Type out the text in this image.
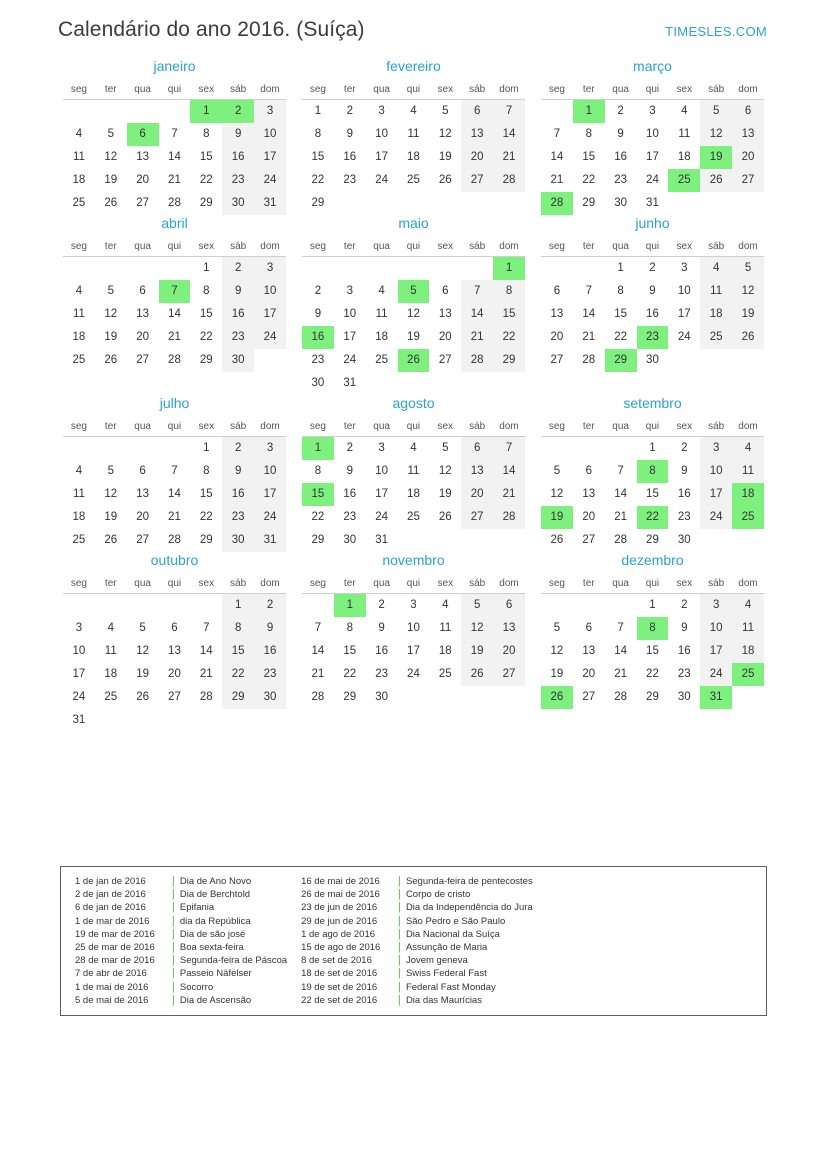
Calendário do ano 2016. (Suíça)	TIMESLES.COM
janeiro
seg	ter	qua	qui	sex	sáb	dom

				1	2	3

4	5	6	7	8	9	10

11	12	13	14	15	16	17

18	19	20	21	22	23	24

25	26	27	28	29	30	31
fevereiro
seg	ter	qua	qui	sex	sáb	dom

1	2	3	4	5	6	7

8	9	10	11	12	13	14

15	16	17	18	19	20	21

22	23	24	25	26	27	28

29						

março
seg	ter	qua	qui	sex	sáb	dom

	1	2	3	4	5	6

7	8	9	10	11	12	13

14	15	16	17	18	19	20

21	22	23	24	25	26	27

28	29	30	31			

abril
seg	ter	qua	qui	sex	sáb	dom

				1	2	3

4	5	6	7	8	9	10

11	12	13	14	15	16	17

18	19	20	21	22	23	24

25	26	27	28	29	30	

maio
seg	ter	qua	qui	sex	sáb	dom

						1

2	3	4	5	6	7	8

9	10	11	12	13	14	15

16	17	18	19	20	21	22

23	24	25	26	27	28	29

30	31					

junho
seg	ter	qua	qui	sex	sáb	dom

		1	2	3	4	5

6	7	8	9	10	11	12

13	14	15	16	17	18	19

20	21	22	23	24	25	26

27	28	29	30			

julho
seg	ter	qua	qui	sex	sáb	dom

				1	2	3

4	5	6	7	8	9	10

11	12	13	14	15	16	17

18	19	20	21	22	23	24

25	26	27	28	29	30	31
agosto
seg	ter	qua	qui	sex	sáb	dom

1	2	3	4	5	6	7

8	9	10	11	12	13	14

15	16	17	18	19	20	21

22	23	24	25	26	27	28

29	30	31				

setembro
seg	ter	qua	qui	sex	sáb	dom

			1	2	3	4

5	6	7	8	9	10	11

12	13	14	15	16	17	18

19	20	21	22	23	24	25

26	27	28	29	30		

outubro
seg	ter	qua	qui	sex	sáb	dom

					1	2

3	4	5	6	7	8	9

10	11	12	13	14	15	16

17	18	19	20	21	22	23

24	25	26	27	28	29	30

31						

novembro
seg	ter	qua	qui	sex	sáb	dom

	1	2	3	4	5	6

7	8	9	10	11	12	13

14	15	16	17	18	19	20

21	22	23	24	25	26	27

28	29	30				

dezembro
seg	ter	qua	qui	sex	sáb	dom

			1	2	3	4

5	6	7	8	9	10	11

12	13	14	15	16	17	18

19	20	21	22	23	24	25

26	27	28	29	30	31	

1 de jan de 2016	| Dia de Ano Novo
2 de jan de 2016	| Dia de Berchtold
6 de jan de 2016	| Epifania
1 de mar de 2016	| dia da República
19 de mar de 2016	| Dia de são josé
25 de mar de 2016	| Boa sexta-feira
28 de mar de 2016	| Segunda-feira de Páscoa
7 de abr de 2016	| Passeio Näfelser
1 de mai de 2016	| Socorro
5 de mai de 2016	| Dia de Ascensão
16 de mai de 2016	| Segunda-feira de pentecostes
26 de mai de 2016	| Corpo de cristo
23 de jun de 2016	| Dia da Independência do Jura
29 de jun de 2016	| São Pedro e São Paulo
1 de ago de 2016	| Dia Nacional da Suíça
15 de ago de 2016	| Assunção de Maria
8 de set de 2016	| Jovem geneva
18 de set de 2016	| Swiss Federal Fast
19 de set de 2016	| Federal Fast Monday
22 de set de 2016	| Dia das Maurícias
